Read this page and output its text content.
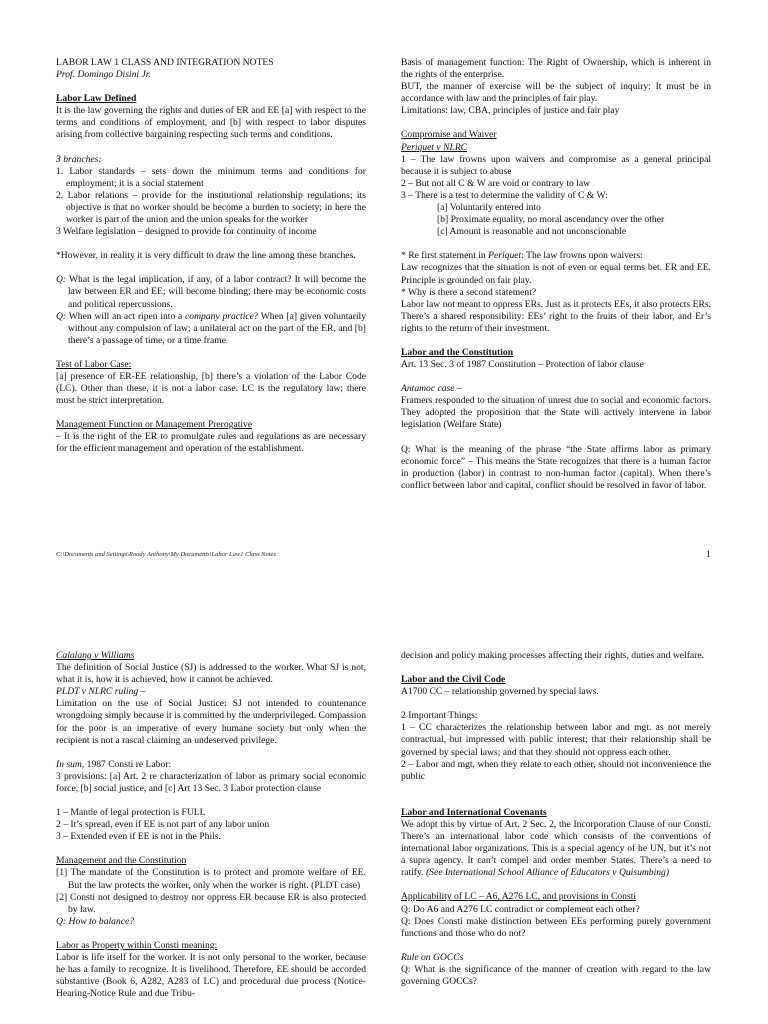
LABOR LAW 1 CLASS AND INTEGRATION NOTES
Prof. Domingo Disini Jr.
Labor Law Defined

It is the law governing the rights and duties of ER and EE [a] with respect to the terms and conditions of employment, and [b] with respect to labor disputes arising from collective bargaining respecting such terms and conditions.

3 branches:
1. Labor standards – sets down the minimum terms and conditions for employment; it is a social statement
2. Labor relations – provide for the institutional relationship regulations; its objective is that no worker should be become a burden to society; in here the worker is part of the union and the union speaks for the worker
3 Welfare legislation – designed to provide for continuity of income
*However, in reality it is very difficult to draw the line among these branches.
Q: What is the legal implication, if any, of a labor contract? It will become the law between ER and EE; will become binding; there may be economic costs and political repercussions.
Q: When will an act ripen into a company practice? When [a] given voluntarily without any compulsion of law; a unilateral act on the part of the ER, and [b] there’s a passage of time, or a time frame
Test of Labor Case:

[a] presence of ER-EE relationship, [b] there’s a violation of the Labor Code (LC). Other than these, it is not a labor case. LC is the regulatory law; there must be strict interpretation.

Management Function or Management Prerogative

– It is the right of the ER to promulgate rules and regulations as are necessary for the efficient management and operation of the establishment.

Basis of management function: The Right of Ownership, which is inherent in the rights of the enterprise.

BUT, the manner of exercise will be the subject of inquiry: It must be in accordance with law and the principles of fair play.

Limitations: law, CBA, principles of justice and fair play

Compromise and Waiver
Periquet v NLRC

1 – The law frowns upon waivers and compromise as a general principal because it is subject to abuse

2 – But not all C & W are void or contrary to law

3 – There is a test to determine the validity of C & W:

[a] Voluntarily entered into
[b] Proximate equality, no moral ascendancy over the other
[c] Amount is reasonable and not unconscionable
* Re first statement in Periquet: The law frowns upon waivers:

Law recognizes that the situation is not of even or equal terms bet. ER and EE. Principle is grounded on fair play.

* Why is there a second statement?

Labor law not meant to oppress ERs. Just as it protects EEs, it also protects ERs. There’s a shared responsibility: EEs’ right to the fruits of their labor, and Er’s rights to the return of their investment.

Labor and the Constitution

Art. 13 Sec. 3 of 1987 Constitution – Protection of labor clause

Antamoc case –

Framers responded to the situation of unrest due to social and economic factors. They adopted the proposition that the State will actively intervene in labor legislation (Welfare State)

Q: What is the meaning of the phrase “the State affirms labor as primary economic force” – This means the State recognizes that there is a human factor in production (labor) in contrast to non-human factor (capital). When there’s conflict between labor and capital, conflict should be resolved in favor of labor.

C:\Documents and Settings\Roody Anthony\My Documents\Labor Law1 Class Notes	1
Calalang v Williams

The definition of Social Justice (SJ) is addressed to the worker. What SJ is not, what it is, how it is achieved, how it cannot be achieved.

PLDT v NLRC ruling –

Limitation on the use of Social Justice: SJ not intended to countenance wrongdoing simply because it is committed by the underprivileged. Compassion for the poor is an imperative of every humane society but only when the recipient is not a rascal claiming an undeserved privilege.

In sum, 1987 Consti re Labor:

3 provisions: [a] Art. 2 re characterization of labor as primary social economic force, [b] social justice, and [c] Art 13 Sec. 3 Labor protection clause

1 – Mantle of legal protection is FULL
2 – It’s spread, even if EE is not part of any labor union
3 – Extended even if EE is not in the Phils.
Management and the Constitution
[1] The mandate of the Constitution is to protect and promote welfare of EE. But the law protects the worker, only when the worker is right. (PLDT case)
[2] Consti not designed to destroy nor oppress ER because ER is also protected by law.
Q: How to balance?
Labor as Property within Consti meaning:

Labor is life itself for the worker. It is not only personal to the worker, because he has a family to recognize. It is livelihood. Therefore, EE should be accorded substantive (Book 6, A282, A283 of LC) and procedural due process (Notice-Hearing-Notice Rule and due Tribu-

decision and policy making processes affecting their rights, duties and welfare.

Labor and the Civil Code

A1700 CC – relationship governed by special laws.

2 Important Things:

1 – CC characterizes the relationship between labor and mgt. as not merely contractual, but impressed with public interest; that their relationship shall be governed by special laws; and that they should not oppress each other.

2 – Labor and mgt, when they relate to each other, should not inconvenience the public

Labor and International Covenants
We adopt this by virtue of Art. 2 Sec. 2, the Incorporation Clause of our Consti. There’s an international labor code which consists of the conventions of international labor organizations. This is a special agency of he UN, but it’s not a supra agency. It can’t compel and order member States. There’s a need to ratify. (See International School Alliance of Educators v Quisumbing)
Applicability of LC – A6, A276 LC, and provisions in Consti

Q: Do A6 and A276 LC contradict or complement each other?

Q: Does Consti make distinction between EEs performing purely government functions and those who do not?

Rule on GOCCs

Q: What is the significance of the manner of creation with regard to the law governing GOCCs?
